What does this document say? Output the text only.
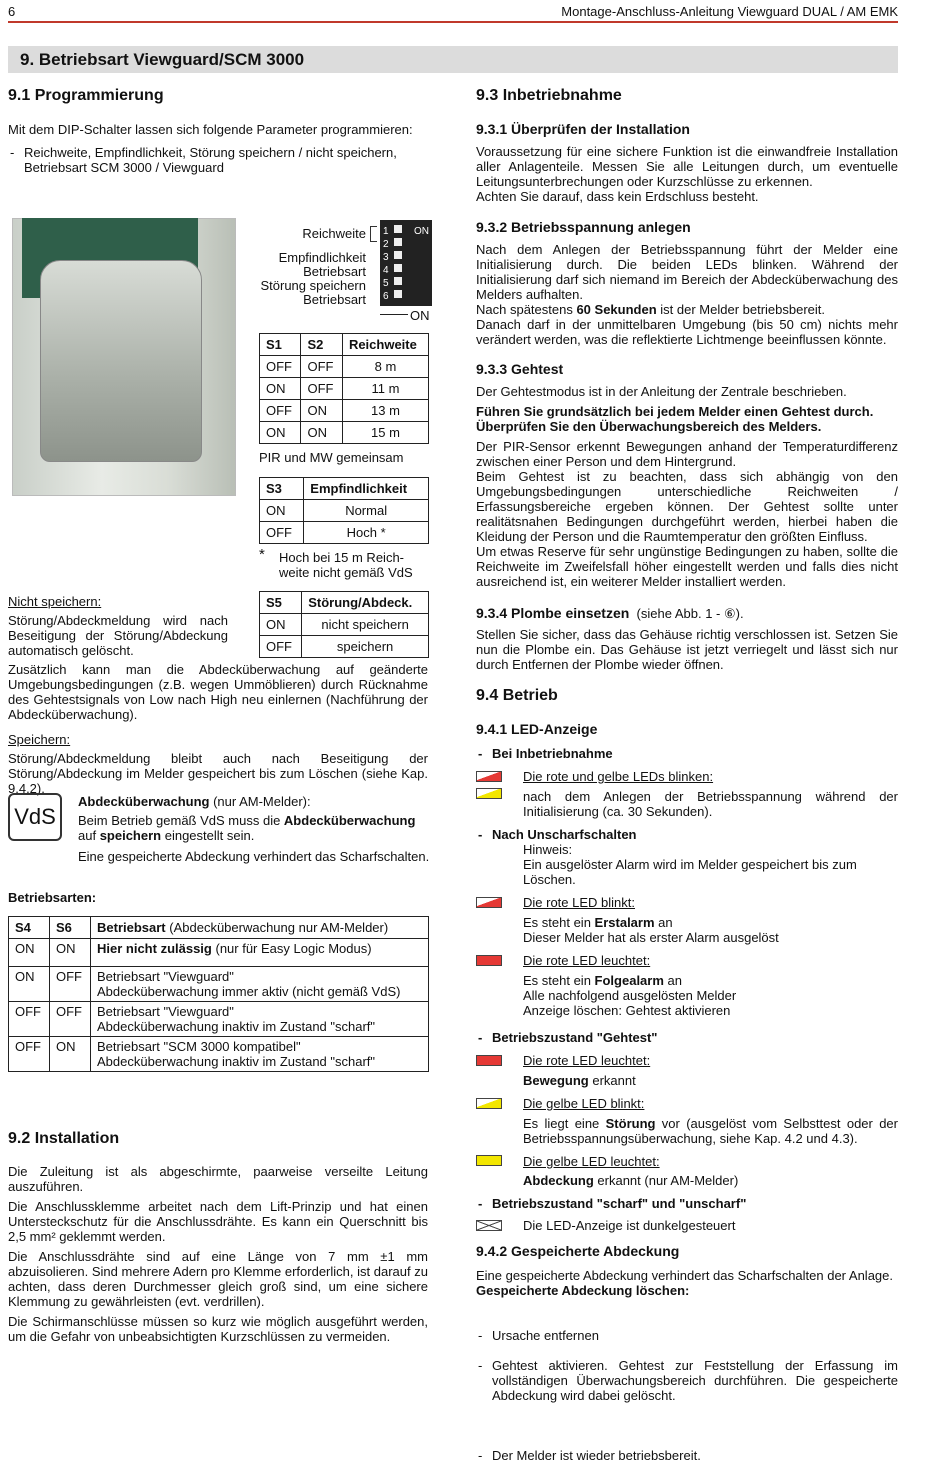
6	Montage-Anschluss-Anleitung Viewguard DUAL / AM EMK
9. Betriebsart Viewguard/SCM 3000
9.1 Programmierung

Mit dem DIP-Schalter lassen sich folgende Parameter programmieren:

- Reichweite, Empfindlichkeit, Störung speichern / nicht speichern, Betriebsart SCM 3000 / Viewguard

Reichweite
Empfindlichkeit
Betriebsart
Störung speichern
Betriebsart
1
2
3
4
5
6
ON
ON
S1	S2	Reichweite
OFF	OFF	8 m
ON	OFF	11 m
OFF	ON	13 m
ON	ON	15 m
PIR und MW gemeinsam
S3	Empfindlichkeit
ON	Normal
OFF	Hoch *
* Hoch bei 15 m Reich-weite nicht gemäß VdS
S5	Störung/Abdeck.
ON	nicht speichern
OFF	speichern
Nicht speichern:

Störung/Abdeckmeldung wird nach Beseitigung der Störung/Abdeckung automatisch gelöscht.

Zusätzlich kann man die Abdecküberwachung auf geänderte Umgebungsbedingungen (z.B. wegen Ummöblieren) durch Rücknahme des Gehtestsignals von Low nach High neu einlernen (Nachführung der Abdecküberwachung).

Speichern:

Störung/Abdeckmeldung bleibt auch nach Beseitigung der Störung/Abdeckung im Melder gespeichert bis zum Löschen (siehe Kap. 9.4.2).

VdS

Abdecküberwachung (nur AM-Melder):

Beim Betrieb gemäß VdS muss die Abdecküberwachung
auf speichern eingestellt sein.

Eine gespeicherte Abdeckung verhindert das Scharfschalten.

Betriebsarten:
S4	S6	Betriebsart (Abdecküberwachung nur AM-Melder)
ON	ON	Hier nicht zulässig (nur für Easy Logic Modus)
ON	OFF	Betriebsart "Viewguard"
Abdecküberwachung immer aktiv (nicht gemäß VdS)
OFF	OFF	Betriebsart "Viewguard"
Abdecküberwachung inaktiv im Zustand "scharf"
OFF	ON	Betriebsart "SCM 3000 kompatibel"
Abdecküberwachung inaktiv im Zustand "scharf"
9.2 Installation

Die Zuleitung ist als abgeschirmte, paarweise verseilte Leitung auszuführen.

Die Anschlussklemme arbeitet nach dem Lift-Prinzip und hat einen Untersteckschutz für die Anschlussdrähte. Es kann ein Querschnitt bis 2,5 mm² geklemmt werden.

Die Anschlussdrähte sind auf eine Länge von 7 mm ±1 mm abzuisolieren. Sind mehrere Adern pro Klemme erforderlich, ist darauf zu achten, dass deren Durchmesser gleich groß sind, um eine sichere Klemmung zu gewährleisten (evt. verdrillen).

Die Schirmanschlüsse müssen so kurz wie möglich ausgeführt werden, um die Gefahr von unbeabsichtigten Kurzschlüssen zu vermeiden.

9.3 Inbetriebnahme
9.3.1 Überprüfen der Installation

Voraussetzung für eine sichere Funktion ist die einwandfreie Installation aller Anlagenteile. Messen Sie alle Leitungen durch, um eventuelle Leitungsunterbrechungen oder Kurzschlüsse zu erkennen.

Achten Sie darauf, dass kein Erdschluss besteht.

9.3.2 Betriebsspannung anlegen

Nach dem Anlegen der Betriebsspannung führt der Melder eine Initialisierung durch. Die beiden LEDs blinken. Während der Initialisierung darf sich niemand im Bereich der Abdecküberwachung des Melders aufhalten.

Nach spätestens 60 Sekunden ist der Melder betriebsbereit.

Danach darf in der unmittelbaren Umgebung (bis 50 cm) nichts mehr verändert werden, was die reflektierte Lichtmenge beeinflussen könnte.

9.3.3 Gehtest

Der Gehtestmodus ist in der Anleitung der Zentrale beschrieben.

Führen Sie grundsätzlich bei jedem Melder einen Gehtest durch. Überprüfen Sie den Überwachungsbereich des Melders.

Der PIR-Sensor erkennt Bewegungen anhand der Temperaturdifferenz zwischen einer Person und dem Hintergrund.

Beim Gehtest ist zu beachten, dass sich abhängig von den Umgebungsbedingungen unterschiedliche Reichweiten / Erfassungsbereiche ergeben können. Der Gehtest sollte unter realitätsnahen Bedingungen durchgeführt werden, hierbei haben die Kleidung der Person und die Raumtemperatur den größten Einfluss.

Um etwas Reserve für sehr ungünstige Bedingungen zu haben, sollte die Reichweite im Zweifelsfall höher eingestellt werden und falls dies nicht ausreichend ist, ein weiterer Melder installiert werden.

9.3.4 Plombe einsetzen (siehe Abb. 1 - ⑥).

Stellen Sie sicher, dass das Gehäuse richtig verschlossen ist. Setzen Sie nun die Plombe ein. Das Gehäuse ist jetzt verriegelt und lässt sich nur durch Entfernen der Plombe wieder öffnen.

9.4 Betrieb
9.4.1 LED-Anzeige
- Bei Inbetriebnahme
Die rote und gelbe LEDs blinken:

nach dem Anlegen der Betriebsspannung während der Initialisierung (ca. 30 Sekunden).

- Nach Unscharfschalten

Hinweis:

Ein ausgelöster Alarm wird im Melder gespeichert bis zum Löschen.

Die rote LED blinkt:

Es steht ein Erstalarm an
Dieser Melder hat als erster Alarm ausgelöst

Die rote LED leuchtet:

Es steht ein Folgealarm an
Alle nachfolgend ausgelösten Melder
Anzeige löschen: Gehtest aktivieren

- Betriebszustand "Gehtest"
Die rote LED leuchtet:

Bewegung erkannt

Die gelbe LED blinkt:

Es liegt eine Störung vor (ausgelöst vom Selbsttest oder der Betriebsspannungsüberwachung, siehe Kap. 4.2 und 4.3).

Die gelbe LED leuchtet:

Abdeckung erkannt (nur AM-Melder)

- Betriebszustand "scharf" und "unscharf"

Die LED-Anzeige ist dunkelgesteuert

9.4.2 Gespeicherte Abdeckung

Eine gespeicherte Abdeckung verhindert das Scharfschalten der Anlage.

Gespeicherte Abdeckung löschen:

- Ursache entfernen

- Gehtest aktivieren. Gehtest zur Feststellung der Erfassung im vollständigen Überwachungsbereich durchführen. Die gespeicherte Abdeckung wird dabei gelöscht.

- Der Melder ist wieder betriebsbereit.
